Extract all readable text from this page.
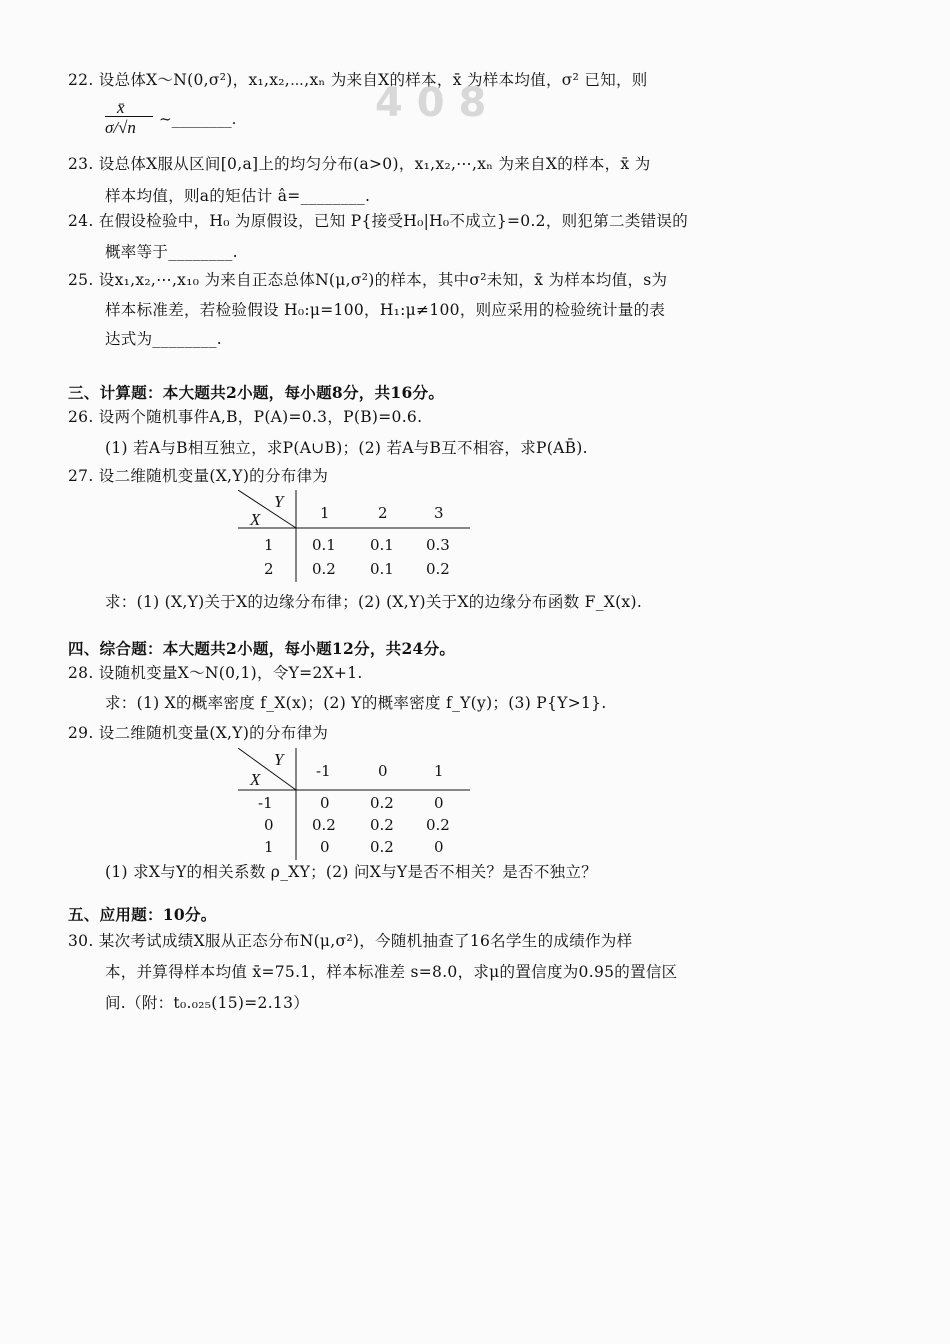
4 0 8
22. 设总体X～N(0,σ²)，x₁,x₂,⋯,xₙ 为来自X的样本，x̄ 为样本均值，σ² 已知，则
x̄
σ/√n ~________.
23. 设总体X服从区间[0,a]上的均匀分布(a>0)，x₁,x₂,⋯,xₙ 为来自X的样本，x̄ 为
样本均值，则a的矩估计 â=________.
24. 在假设检验中，H₀ 为原假设，已知 P{接受H₀|H₀不成立}=0.2，则犯第二类错误的
概率等于________.
25. 设x₁,x₂,⋯,x₁₀ 为来自正态总体N(μ,σ²)的样本，其中σ²未知，x̄ 为样本均值，s为
样本标准差，若检验假设 H₀:μ=100，H₁:μ≠100，则应采用的检验统计量的表
达式为________.
三、计算题：本大题共2小题，每小题8分，共16分。
26. 设两个随机事件A,B，P(A)=0.3，P(B)=0.6.
(1) 若A与B相互独立，求P(A∪B)；(2) 若A与B互不相容，求P(AB̄).
27. 设二维随机变量(X,Y)的分布律为
Y
X	1	2	3
1	0.1 0.1 0.3
2	0.2 0.1 0.2
求：(1) (X,Y)关于X的边缘分布律；(2) (X,Y)关于X的边缘分布函数 F_X(x).
四、综合题：本大题共2小题，每小题12分，共24分。
28. 设随机变量X～N(0,1)，令Y=2X+1.
求：(1) X的概率密度 f_X(x)；(2) Y的概率密度 f_Y(y)；(3) P{Y>1}.
29. 设二维随机变量(X,Y)的分布律为
Y
X	-1	0	1
-1	0	0.2	0
0	0.2 0.2 0.2
1	0	0.2	0
(1) 求X与Y的相关系数 ρ_XY；(2) 问X与Y是否不相关？是否不独立？
五、应用题：10分。
30. 某次考试成绩X服从正态分布N(μ,σ²)，今随机抽查了16名学生的成绩作为样
本，并算得样本均值 x̄=75.1，样本标准差 s=8.0，求μ的置信度为0.95的置信区
间.（附：t₀.₀₂₅(15)=2.13）
